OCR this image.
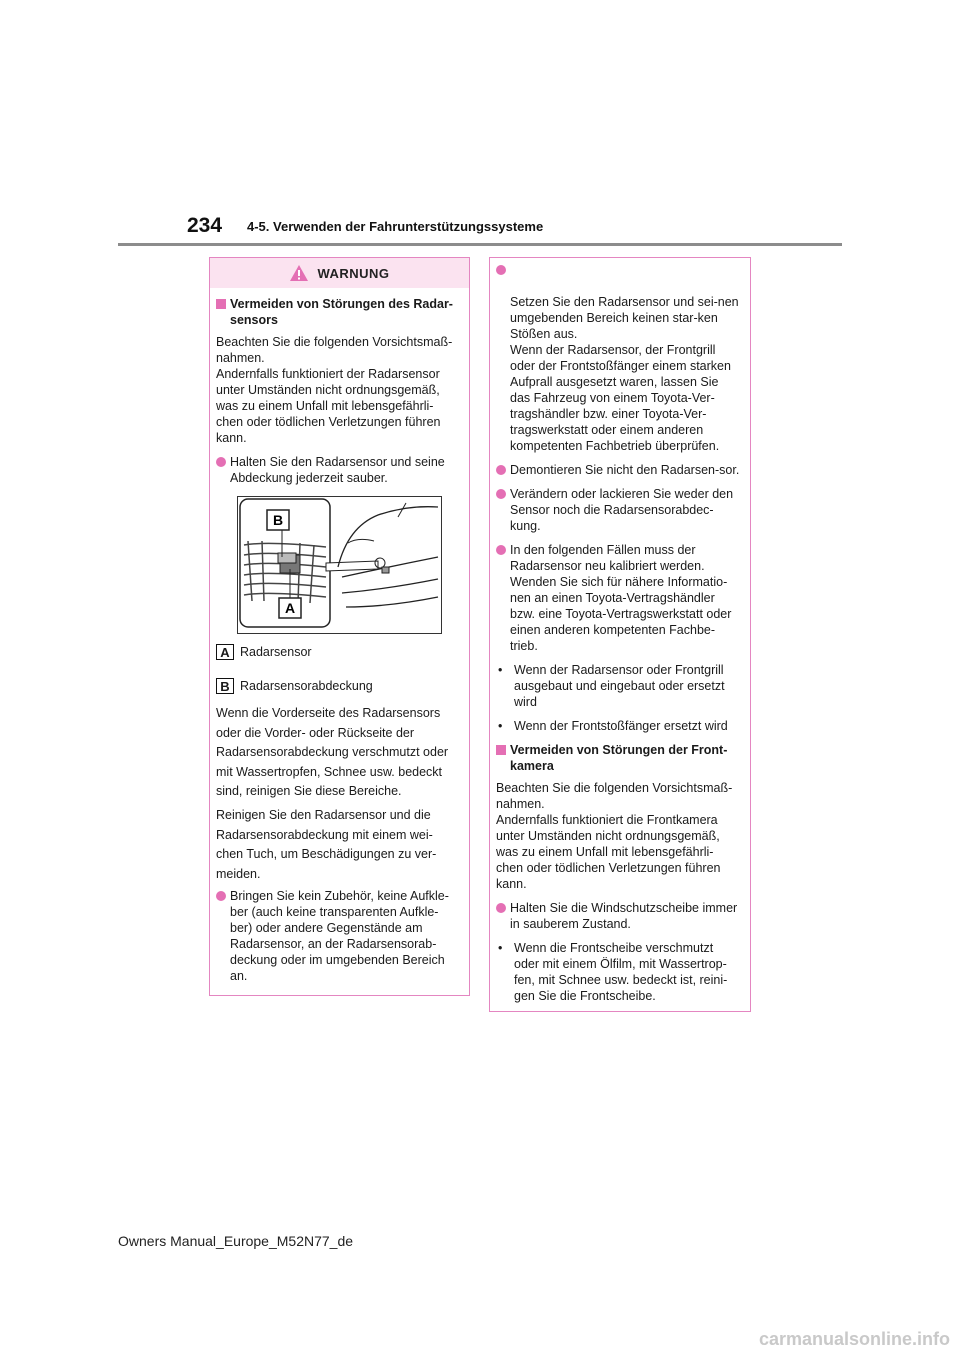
234 4-5. Verwenden der Fahrunterstützungssysteme
WARNUNG
Vermeiden von Störungen des Radar-sensors
Beachten Sie die folgenden Vorsichtsmaß-nahmen.
Andernfalls funktioniert der Radarsensor unter Umständen nicht ordnungsgemäß, was zu einem Unfall mit lebensgefährli-chen oder tödlichen Verletzungen führen kann.
Halten Sie den Radarsensor und seine Abdeckung jederzeit sauber.
B
A
A Radarsensor
B Radarsensorabdeckung
Wenn die Vorderseite des Radarsensors oder die Vorder- oder Rückseite der Radarsensorabdeckung verschmutzt oder mit Wassertropfen, Schnee usw. bedeckt sind, reinigen Sie diese Bereiche.
Reinigen Sie den Radarsensor und die Radarsensorabdeckung mit einem wei-chen Tuch, um Beschädigungen zu ver-meiden.
Bringen Sie kein Zubehör, keine Aufkle-ber (auch keine transparenten Aufkle-ber) oder andere Gegenstände am Radarsensor, an der Radarsensorab-deckung oder im umgebenden Bereich an.

Setzen Sie den Radarsensor und sei-nen umgebenden Bereich keinen star-ken Stößen aus.
Wenn der Radarsensor, der Frontgrill oder der Frontstoßfänger einem starken Aufprall ausgesetzt waren, lassen Sie das Fahrzeug von einem Toyota-Ver-tragshändler bzw. einer Toyota-Ver-tragswerkstatt oder einem anderen kompetenten Fachbetrieb überprüfen.

Demontieren Sie nicht den Radarsen-sor.
Verändern oder lackieren Sie weder den Sensor noch die Radarsensorabdec-kung.
In den folgenden Fällen muss der Radarsensor neu kalibriert werden. Wenden Sie sich für nähere Informatio-nen an einen Toyota-Vertragshändler bzw. eine Toyota-Vertragswerkstatt oder einen anderen kompetenten Fachbe-trieb.
• Wenn der Radarsensor oder Frontgrill ausgebaut und eingebaut oder ersetzt wird
• Wenn der Frontstoßfänger ersetzt wird
Vermeiden von Störungen der Front-kamera
Beachten Sie die folgenden Vorsichtsmaß-nahmen.
Andernfalls funktioniert die Frontkamera unter Umständen nicht ordnungsgemäß, was zu einem Unfall mit lebensgefährli-chen oder tödlichen Verletzungen führen kann.
Halten Sie die Windschutzscheibe immer in sauberem Zustand.
• Wenn die Frontscheibe verschmutzt oder mit einem Ölfilm, mit Wassertrop-fen, mit Schnee usw. bedeckt ist, reini-gen Sie die Frontscheibe.
Owners Manual_Europe_M52N77_de
carmanualsonline.info
